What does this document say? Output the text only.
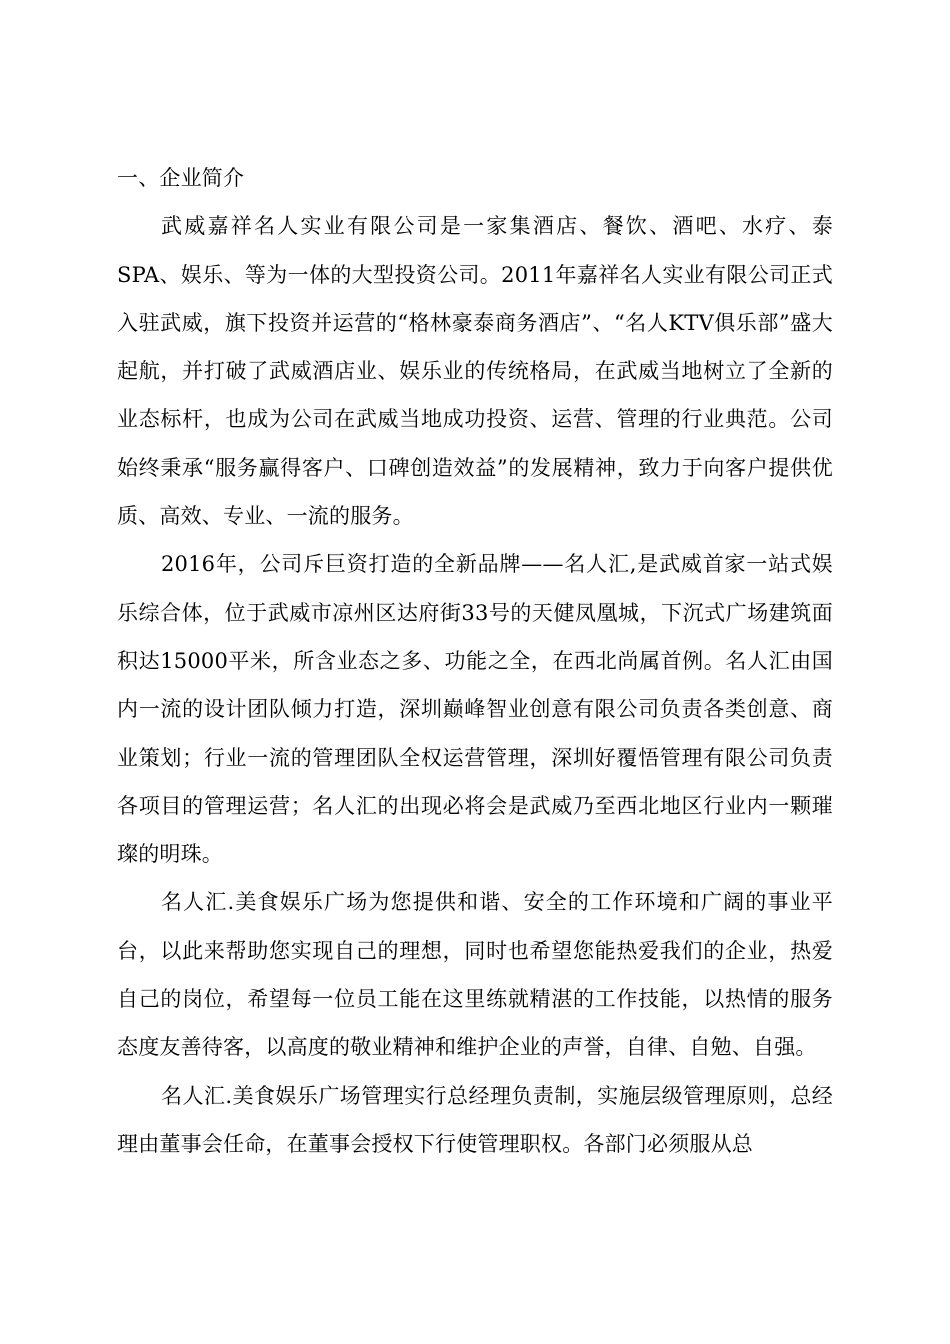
一、企业简介

武威嘉祥名人实业有限公司是一家集酒店、餐饮、酒吧、水疗、泰SPA、娱乐、等为一体的大型投资公司。2011年嘉祥名人实业有限公司正式入驻武威，旗下投资并运营的“格林豪泰商务酒店”、“名人KTV俱乐部”盛大起航，并打破了武威酒店业、娱乐业的传统格局，在武威当地树立了全新的业态标杆，也成为公司在武威当地成功投资、运营、管理的行业典范。公司始终秉承“服务赢得客户、口碑创造效益”的发展精神，致力于向客户提供优质、高效、专业、一流的服务。

2016年，公司斥巨资打造的全新品牌——名人汇,是武威首家一站式娱乐综合体，位于武威市凉州区达府街33号的天健凤凰城，下沉式广场建筑面积达15000平米，所含业态之多、功能之全，在西北尚属首例。名人汇由国内一流的设计团队倾力打造，深圳巅峰智业创意有限公司负责各类创意、商业策划；行业一流的管理团队全权运营管理，深圳好覆悟管理有限公司负责各项目的管理运营；名人汇的出现必将会是武威乃至西北地区行业内一颗璀璨的明珠。

名人汇.美食娱乐广场为您提供和谐、安全的工作环境和广阔的事业平台，以此来帮助您实现自己的理想，同时也希望您能热爱我们的企业，热爱自己的岗位，希望每一位员工能在这里练就精湛的工作技能，以热情的服务态度友善待客，以高度的敬业精神和维护企业的声誉，自律、自勉、自强。

名人汇.美食娱乐广场管理实行总经理负责制，实施层级管理原则，总经理由董事会任命，在董事会授权下行使管理职权。各部门必须服从总
